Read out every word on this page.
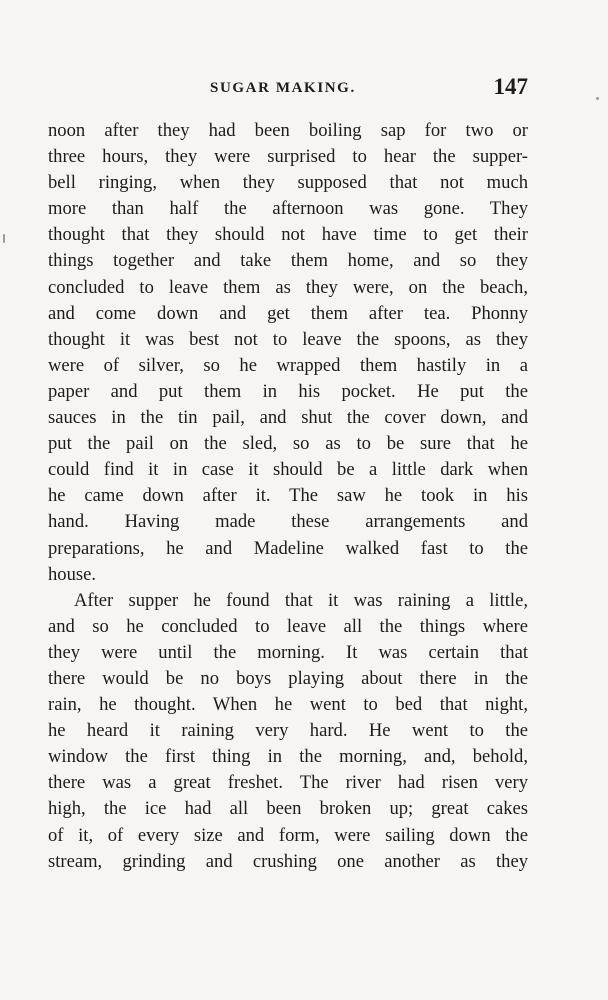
SUGAR MAKING.	147
noon after they had been boiling sap for two or
three hours, they were surprised to hear the supper-
bell ringing, when they supposed that not much
more than half the afternoon was gone. They
thought that they should not have time to get their
things together and take them home, and so they
concluded to leave them as they were, on the beach,
and come down and get them after tea. Phonny
thought it was best not to leave the spoons, as they
were of silver, so he wrapped them hastily in a
paper and put them in his pocket. He put the
sauces in the tin pail, and shut the cover down, and
put the pail on the sled, so as to be sure that he
could find it in case it should be a little dark when
he came down after it. The saw he took in his
hand. Having made these arrangements and
preparations, he and Madeline walked fast to the
house.
After supper he found that it was raining a little,
and so he concluded to leave all the things where
they were until the morning. It was certain that
there would be no boys playing about there in the
rain, he thought. When he went to bed that night,
he heard it raining very hard. He went to the
window the first thing in the morning, and, behold,
there was a great freshet. The river had risen very
high, the ice had all been broken up; great cakes
of it, of every size and form, were sailing down the
stream, grinding and crushing one another as they
